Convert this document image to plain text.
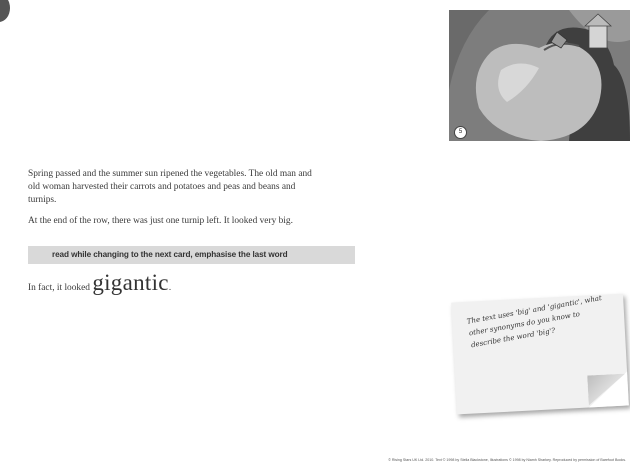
5

Spring passed and the summer sun ripened the vegetables. The old man and old woman harvested their carrots and potatoes and peas and beans and turnips.

At the end of the row, there was just one turnip left. It looked very big.

read while changing to the next card, emphasise the last word
In fact, it looked gigantic.

The text uses 'big' and 'gigantic', what other synonyms do you know to describe the word 'big'?

© Rising Stars UK Ltd. 2010. Text © 1998 by Stella Blackstone, Illustrations © 1998 by Niamh Sharkey. Reproduced by permission of Barefoot Books.
